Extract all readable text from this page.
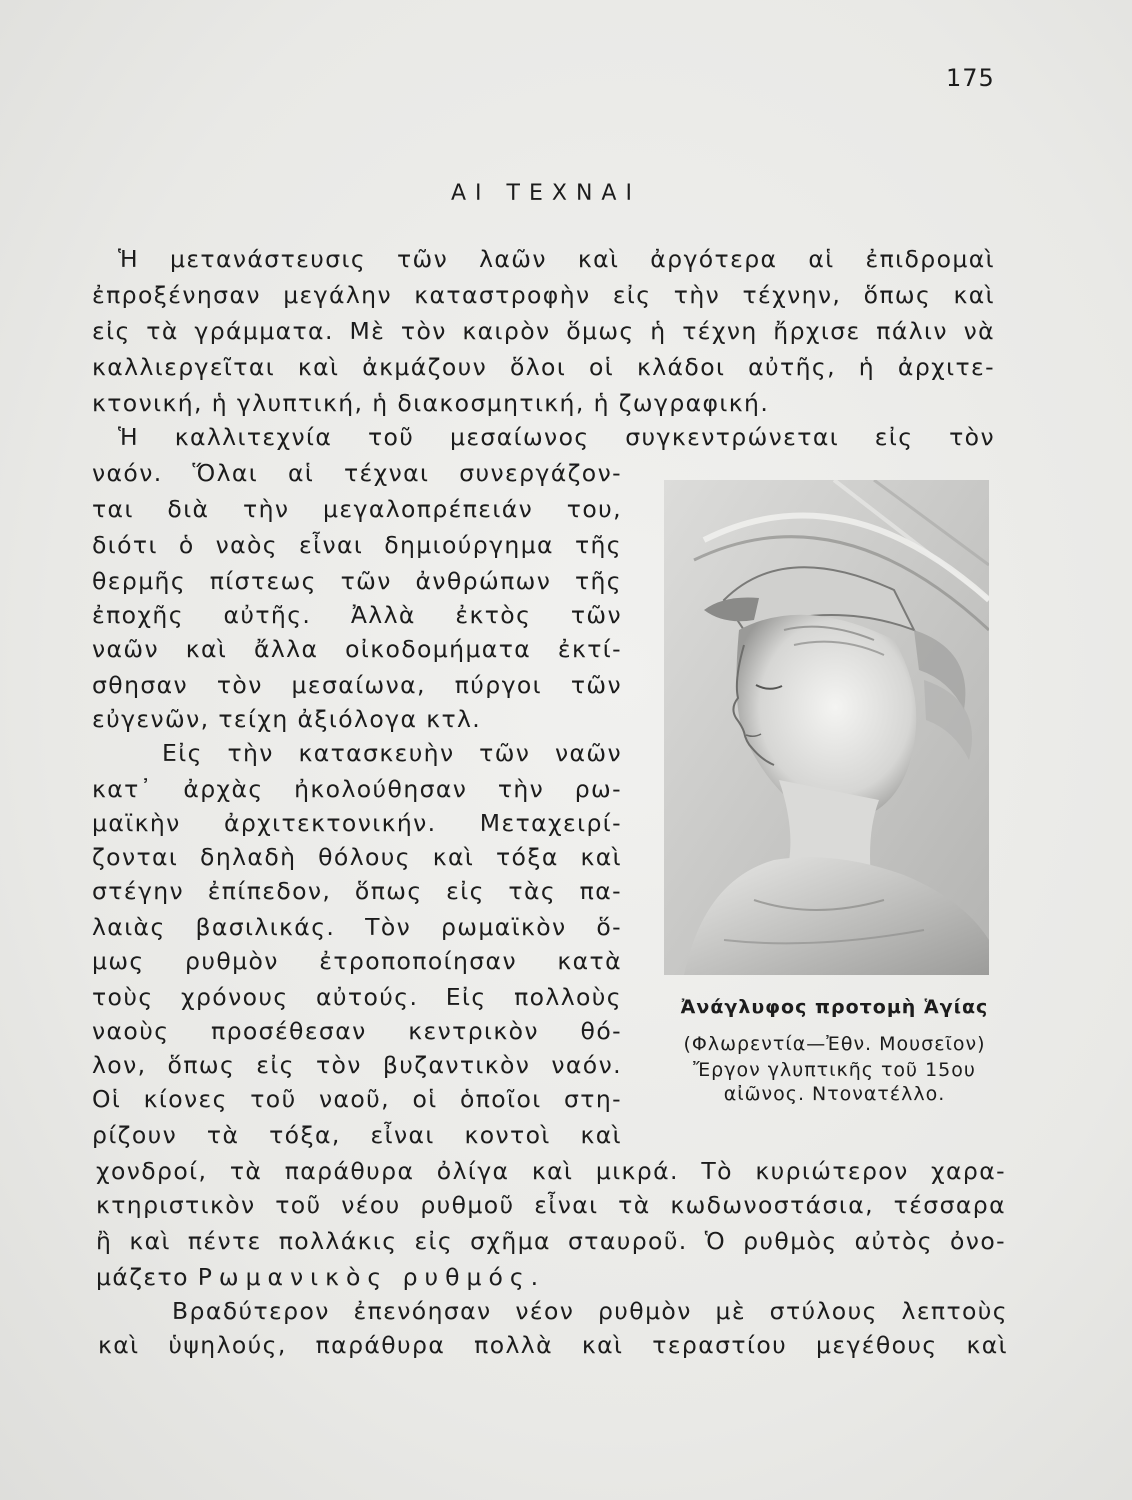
175
ΑΙ ΤΕΧΝΑΙ
Ἡ μετανάστευσις τῶν λαῶν καὶ ἀργότερα αἱ ἐπιδρομαὶ
ἐπροξένησαν μεγάλην καταστροφὴν εἰς τὴν τέχνην, ὅπως καὶ
εἰς τὰ γράμματα. Μὲ τὸν καιρὸν ὅμως ἡ τέχνη ἤρχισε πάλιν νὰ
καλλιεργεῖται καὶ ἀκμάζουν ὅλοι οἱ κλάδοι αὐτῆς, ἡ ἀρχιτε-
κτονική, ἡ γλυπτική, ἡ διακοσμητική, ἡ ζωγραφική.
Ἡ καλλιτεχνία τοῦ μεσαίωνος συγκεντρώνεται εἰς τὸν
ναόν. Ὅλαι αἱ τέχναι συνεργάζον-
ται διὰ τὴν μεγαλοπρέπειάν του,
διότι ὁ ναὸς εἶναι δημιούργημα τῆς
θερμῆς πίστεως τῶν ἀνθρώπων τῆς
ἐποχῆς αὐτῆς. Ἀλλὰ ἐκτὸς τῶν
ναῶν καὶ ἄλλα οἰκοδομήματα ἐκτί-
σθησαν τὸν μεσαίωνα, πύργοι τῶν
εὐγενῶν, τείχη ἀξιόλογα κτλ.
Εἰς τὴν κατασκευὴν τῶν ναῶν
κατ᾽ ἀρχὰς ἠκολούθησαν τὴν ρω-
μαϊκὴν ἀρχιτεκτονικήν. Μεταχειρί-
ζονται δηλαδὴ θόλους καὶ τόξα καὶ
στέγην ἐπίπεδον, ὅπως εἰς τὰς πα-
λαιὰς βασιλικάς. Τὸν ρωμαϊκὸν ὅ-
μως ρυθμὸν ἐτροποποίησαν κατὰ
τοὺς χρόνους αὐτούς. Εἰς πολλοὺς
ναοὺς προσέθεσαν κεντρικὸν θό-
λον, ὅπως εἰς τὸν βυζαντικὸν ναόν.
Οἱ κίονες τοῦ ναοῦ, οἱ ὁποῖοι στη-
ρίζουν τὰ τόξα, εἶναι κοντοὶ καὶ
χονδροί, τὰ παράθυρα ὀλίγα καὶ μικρά. Τὸ κυριώτερον χαρα-
κτηριστικὸν τοῦ νέου ρυθμοῦ εἶναι τὰ κωδωνοστάσια, τέσσαρα
ἢ καὶ πέντε πολλάκις εἰς σχῆμα σταυροῦ. Ὁ ρυθμὸς αὐτὸς ὀνο-
μάζετο Ρωμανικὸς ρυθμός.
Βραδύτερον ἐπενόησαν νέον ρυθμὸν μὲ στύλους λεπτοὺς
καὶ ὑψηλούς, παράθυρα πολλὰ καὶ τεραστίου μεγέθους καὶ
Ἀνάγλυφος προτομὴ Ἁγίας
(Φλωρεντία—Ἐθν. Μουσεῖον)
Ἔργον γλυπτικῆς τοῦ 15ου
αἰῶνος. Ντονατέλλο.
